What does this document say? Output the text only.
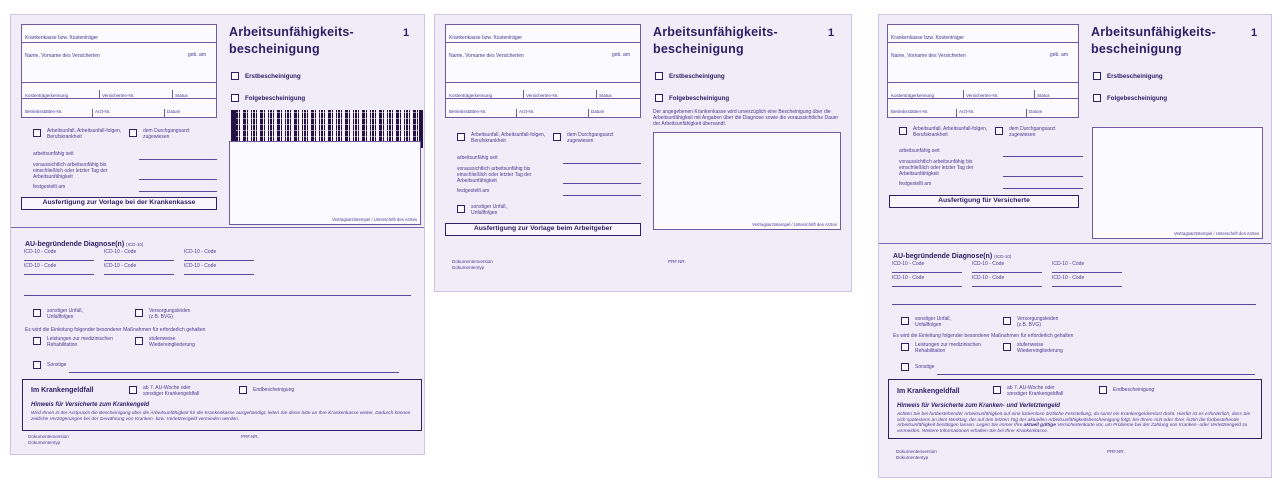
Krankenkasse bzw. Kostenträger
Name, Vorname des Versicherten	geb. am
Kostenträgerkennung	Versicherten-Nr.	Status
Betriebsstätten-Nr.	Arzt-Nr.	Datum
Arbeitsunfähigkeits-
bescheinigung
1
Erstbescheinigung
Folgebescheinigung
Vertragsarztstempel / Unterschrift des Arztes
Arbeitsunfall, Arbeitsunfall-folgen, Berufskrankheit
dem Durchgangsarzt zugewiesen
arbeitsunfähig seit
voraussichtlich arbeitsunfähig bis einschließlich oder letzter Tag der Arbeitsunfähigkeit
festgestellt am
Ausfertigung zur Vorlage bei der Krankenkasse
AU-begründende Diagnose(n) (ICD-10)
ICD-10 - Code	ICD-10 - Code	ICD-10 - Code
ICD-10 - Code	ICD-10 - Code	ICD-10 - Code
sonstiger Unfall, Unfallfolgen
Versorgungsleiden (z.B. BVG)
Es wird die Einleitung folgender besonderer Maßnahmen für erforderlich gehalten
Leistungen zur medizinischen Rehabilitation
stufenweise Wiedereingliederung
Sonstige
Im Krankengeldfall	ab 7. AU-Woche oder sonstiger Krankengeldfall
Endbescheinigung
Hinweis für Versicherte zum Krankengeld
Wird Ihnen in der Arztpraxis die Bescheinigung über die Arbeitsunfähigkeit für die Krankenkasse ausgehändigt, leiten Sie diese bitte an Ihre Krankenkasse weiter. Dadurch können zeitliche Verzögerungen bei der Gewährung von Kranken- bzw. Verletztengeld vermieden werden.
Dokumentenversion
Dokumententyp
PRF.NR.
Krankenkasse bzw. Kostenträger
Name, Vorname des Versicherten	geb. am
Kostenträgerkennung	Versicherten-Nr.	Status
Betriebsstätten-Nr.	Arzt-Nr.	Datum
Arbeitsunfähigkeits-
bescheinigung
1
Erstbescheinigung
Folgebescheinigung
Der angegebenen Krankenkasse wird unverzüglich eine Bescheinigung über die Arbeitsunfähigkeit mit Angaben über die Diagnose sowie die voraussichtliche Dauer der Arbeitsunfähigkeit übersandt.
Vertragsarztstempel / Unterschrift des Arztes
Arbeitsunfall, Arbeitsunfall-folgen, Berufskrankheit
dem Durchgangsarzt zugewiesen
arbeitsunfähig seit
voraussichtlich arbeitsunfähig bis einschließlich oder letzter Tag der Arbeitsunfähigkeit
festgestellt am
sonstiger Unfall, Unfallfolgen
Ausfertigung zur Vorlage beim Arbeitgeber
Dokumentenversion
Dokumententyp
PRF.NR.
Krankenkasse bzw. Kostenträger
Name, Vorname des Versicherten	geb. am
Kostenträgerkennung	Versicherten-Nr.	Status
Betriebsstätten-Nr.	Arzt-Nr.	Datum
Arbeitsunfähigkeits-
bescheinigung
1
Erstbescheinigung
Folgebescheinigung
Vertragsarztstempel / Unterschrift des Arztes
Arbeitsunfall, Arbeitsunfall-folgen, Berufskrankheit
dem Durchgangsarzt zugewiesen
arbeitsunfähig seit
voraussichtlich arbeitsunfähig bis einschließlich oder letzter Tag der Arbeitsunfähigkeit
festgestellt am
Ausfertigung für Versicherte
AU-begründende Diagnose(n) (ICD-10)
ICD-10 - Code	ICD-10 - Code	ICD-10 - Code
ICD-10 - Code	ICD-10 - Code	ICD-10 - Code
sonstiger Unfall, Unfallfolgen
Versorgungsleiden (z.B. BVG)
Es wird die Einleitung folgender besonderer Maßnahmen für erforderlich gehalten
Leistungen zur medizinischen Rehabilitation
stufenweise Wiedereingliederung
Sonstige
Im Krankengeldfall	ab 7. AU-Woche oder sonstiger Krankengeldfall
Endbescheinigung
Hinweis für Versicherte zum Kranken- und Verletztengeld
Achten Sie bei fortbestehender Arbeitsunfähigkeit auf eine lückenlose ärztliche Feststellung, da sonst ein Krankengeldverlust droht. Hierfür ist es erforderlich, dass Sie sich spätestens an dem Werktag, der auf den letzten Tag der aktuellen Arbeitsunfähigkeitsbescheinigung folgt, bei Ihrem Arzt oder Ihrer Ärztin die fortbestehende Arbeitsunfähigkeit bestätigen lassen. Legen Sie immer Ihre aktuell gültige Versichertenkarte vor, um Probleme bei der Zahlung von Kranken- oder Verletztengeld zu vermeiden. Weitere Informationen erhalten Sie bei Ihrer Krankenkasse.
Dokumentenversion
Dokumententyp
PRF.NR.
